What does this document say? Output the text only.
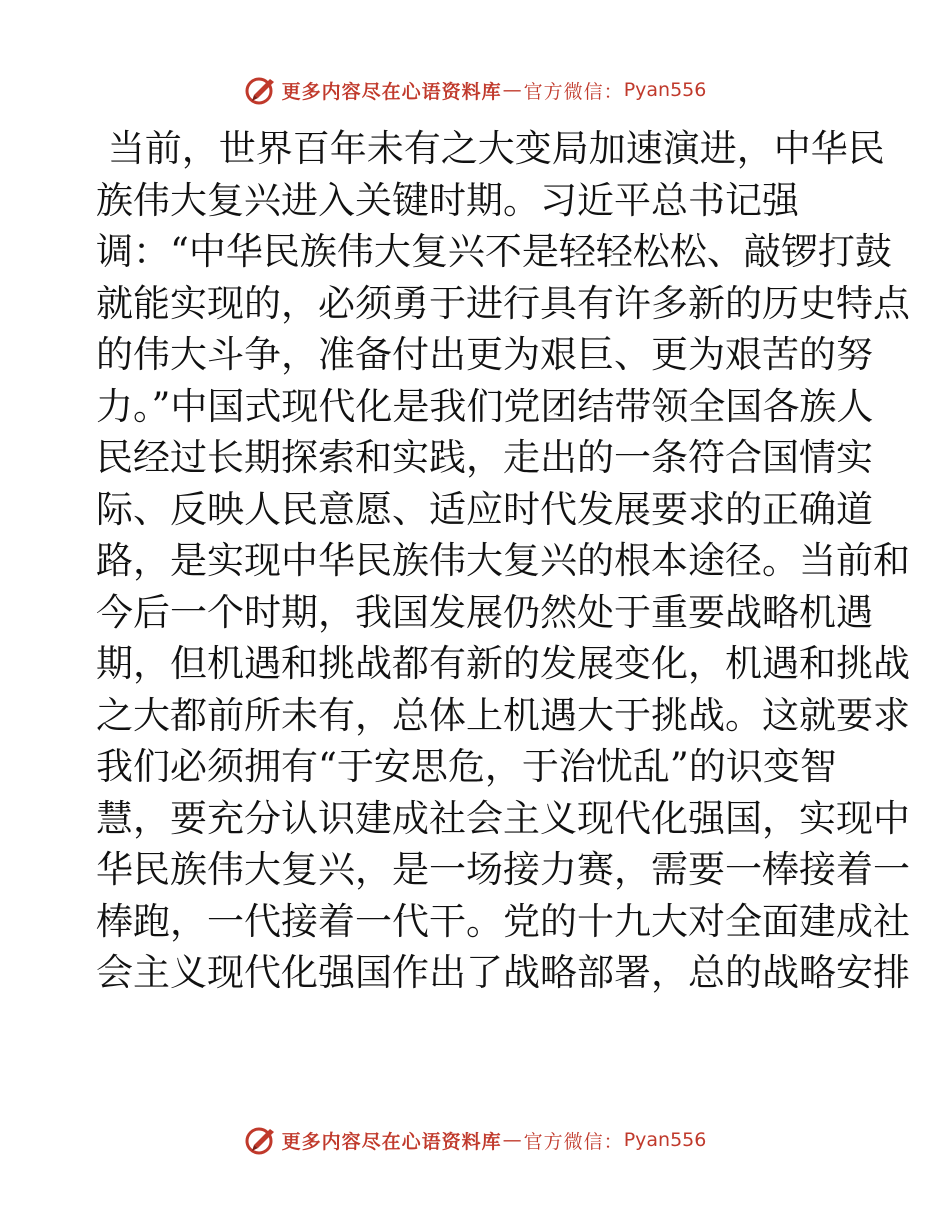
更多内容尽在心语资料库 — 官方微信： Pyan556
当前，世界百年未有之大变局加速演进，中华民
族伟大复兴进入关键时期。习近平总书记强
调：“中华民族伟大复兴不是轻轻松松、敲锣打鼓
就能实现的，必须勇于进行具有许多新的历史特点
的伟大斗争，准备付出更为艰巨、更为艰苦的努
力。”中国式现代化是我们党团结带领全国各族人
民经过长期探索和实践，走出的一条符合国情实
际、反映人民意愿、适应时代发展要求的正确道
路，是实现中华民族伟大复兴的根本途径。当前和
今后一个时期，我国发展仍然处于重要战略机遇
期，但机遇和挑战都有新的发展变化，机遇和挑战
之大都前所未有，总体上机遇大于挑战。这就要求
我们必须拥有“于安思危，于治忧乱”的识变智
慧，要充分认识建成社会主义现代化强国，实现中
华民族伟大复兴，是一场接力赛，需要一棒接着一
棒跑，一代接着一代干。党的十九大对全面建成社
会主义现代化强国作出了战略部署，总的战略安排
更多内容尽在心语资料库 — 官方微信： Pyan556
